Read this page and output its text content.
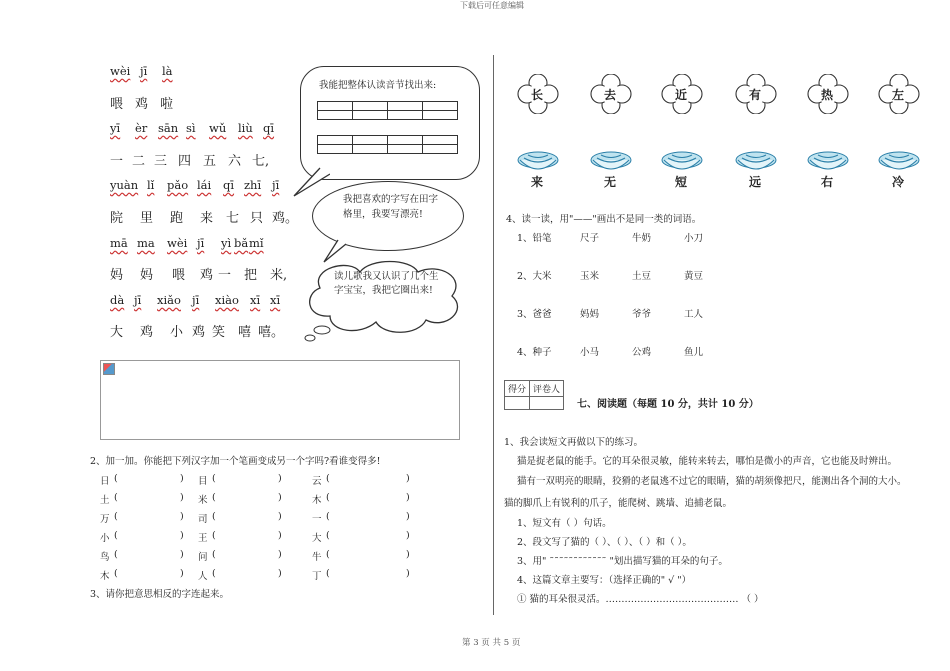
下载后可任意编辑
wèi jī là
yī èr sān sì wǔ liù qī
yuàn lǐ pǎo lái qī zhī jī
mā ma wèi jī yì bǎ mǐ
dà jī xiǎo jī xiào xī xī
喂 鸡 啦
一 二 三 四 五 六 七,
院 里 跑 来 七 只 鸡。
妈 妈 喂 鸡 一 把 米,
大 鸡 小 鸡 笑 嘻 嘻。
我能把整体认读音节找出来:

我把喜欢的字写在田字格里，我要写漂亮!
读儿歌我又认识了几个生字宝宝，我把它圈出来!
2、加一加。你能把下列汉字加一个笔画变成另一个字吗?看谁变得多!
日 (	) 目 (	)	云 (	)
土 (	) 米 (	)	木 (	)
万 (	) 司 (	)	一 (	)
小 (	) 王 (	)	大 (	)
鸟 (	) 问 (	)	牛 (	)
木 (	) 人 (	)	丁 (	)
3、请你把意思相反的字连起来。
长	去	近	有	热	左
来	无	短	远	右	冷
4、读一读，用"——"画出不是同一类的词语。
1、铅笔	尺子	牛奶	小刀
2、大米	玉米	土豆	黄豆
3、爸爸	妈妈	爷爷	工人
4、种子	小马	公鸡	鱼儿
得分	评卷人

七、阅读题（每题 10 分，共计 10 分）
1、我会读短文再做以下的练习。
猫是捉老鼠的能手。它的耳朵很灵敏，能转来转去，哪怕是微小的声音，它也能及时辨出。
猫有一双明亮的眼睛，狡猾的老鼠逃不过它的眼睛，猫的胡须像把尺，能测出各个洞的大小。
猫的脚爪上有锐利的爪子，能爬树、跳墙、追捕老鼠。
1、短文有（ ）句话。
2、段文写了猫的（ ）、（ ）、（ ）和（ ）。
3、用" ˜˜˜˜˜˜˜˜˜˜˜˜ "划出描写猫的耳朵的句子。
4、这篇文章主要写：（选择正确的" √ "）
① 猫的耳朵很灵活。…………………………………… （ ）
第 3 页 共 5 页
